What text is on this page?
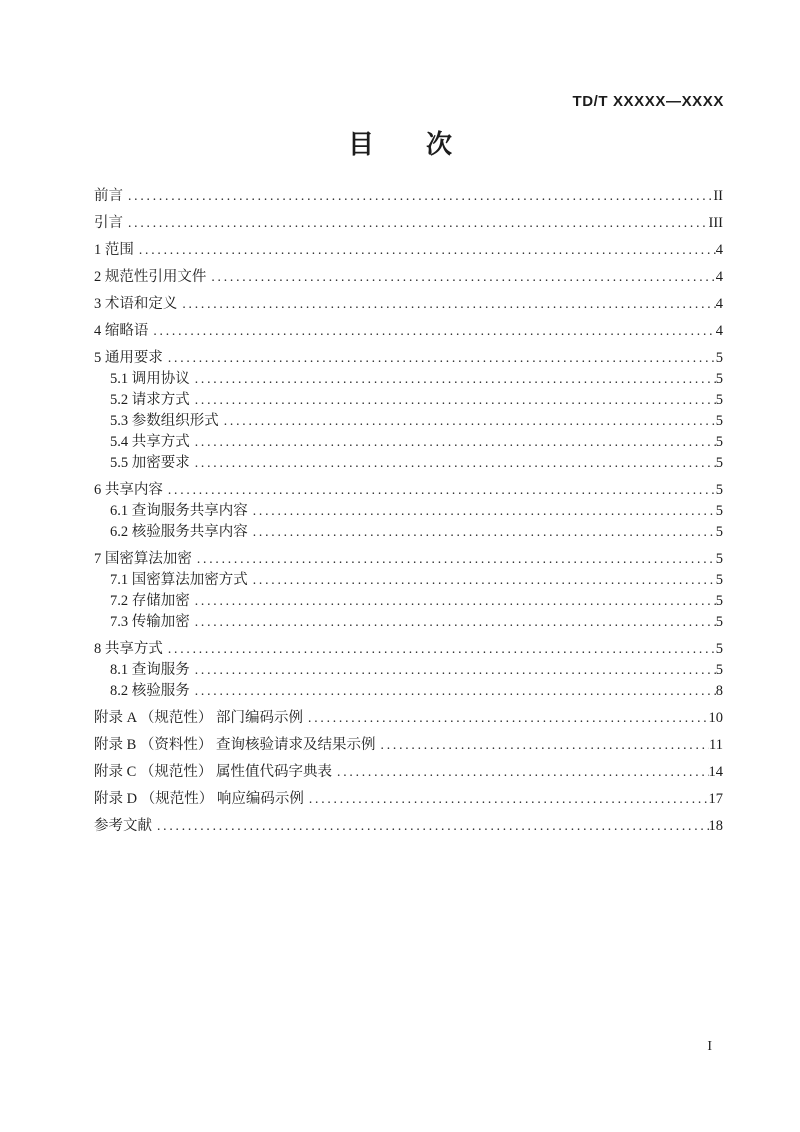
TD/T XXXXX—XXXX
目　　次
前言 .....	II
引言 .....	III
1 范围 .....	4
2 规范性引用文件 .....	4
3 术语和定义 .....	4
4 缩略语 .....	4
5 通用要求 .....	5
5.1 调用协议 .....	5
5.2 请求方式 .....	5
5.3 参数组织形式 .....	5
5.4 共享方式 .....	5
5.5 加密要求 .....	5
6 共享内容 .....	5
6.1 查询服务共享内容 .....	5
6.2 核验服务共享内容 .....	5
7 国密算法加密 .....	5
7.1 国密算法加密方式 .....	5
7.2 存储加密 .....	5
7.3 传输加密 .....	5
8 共享方式 .....	5
8.1 查询服务 .....	5
8.2 核验服务 .....	8
附录 A （规范性） 部门编码示例 .....	10
附录 B （资料性） 查询核验请求及结果示例 .....	11
附录 C （规范性） 属性值代码字典表 .....	14
附录 D （规范性） 响应编码示例 .....	17
参考文献 .....	18
I
